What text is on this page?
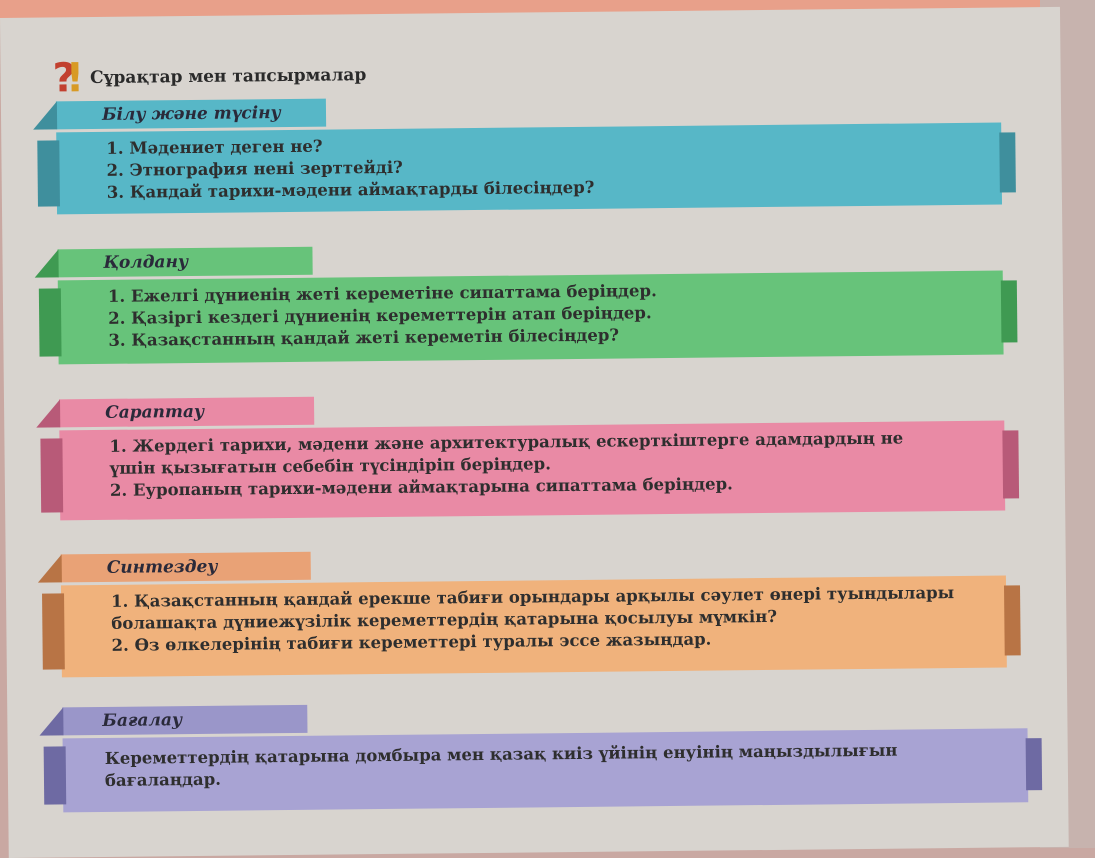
?! Сұрақтар мен тапсырмалар
Білу және түсіну
1. Мәдениет деген не?
2. Этнография нені зерттейді?
3. Қандай тарихи-мәдени аймақтарды білесіңдер?
Қолдану
1. Ежелгі дүниенің жеті кереметіне сипаттама беріңдер.
2. Қазіргі кездегі дүниенің кереметтерін атап беріңдер.
3. Қазақстанның қандай жеті кереметін білесіңдер?
Сараптау
1. Жердегі тарихи, мәдени және архитектуралық ескерткіштерге адамдардың не
үшін қызығатын себебін түсіндіріп беріңдер.
2. Еуропаның тарихи-мәдени аймақтарына сипаттама беріңдер.
Синтездеу
1. Қазақстанның қандай ерекше табиғи орындары арқылы сәулет өнері туындылары
болашақта дүниежүзілік кереметтердің қатарына қосылуы мүмкін?
2. Өз өлкелерінің табиғи кереметтері туралы эссе жазыңдар.
Бағалау
Кереметтердің қатарына домбыра мен қазақ киіз үйінің енуінің маңыздылығын
бағалаңдар.
